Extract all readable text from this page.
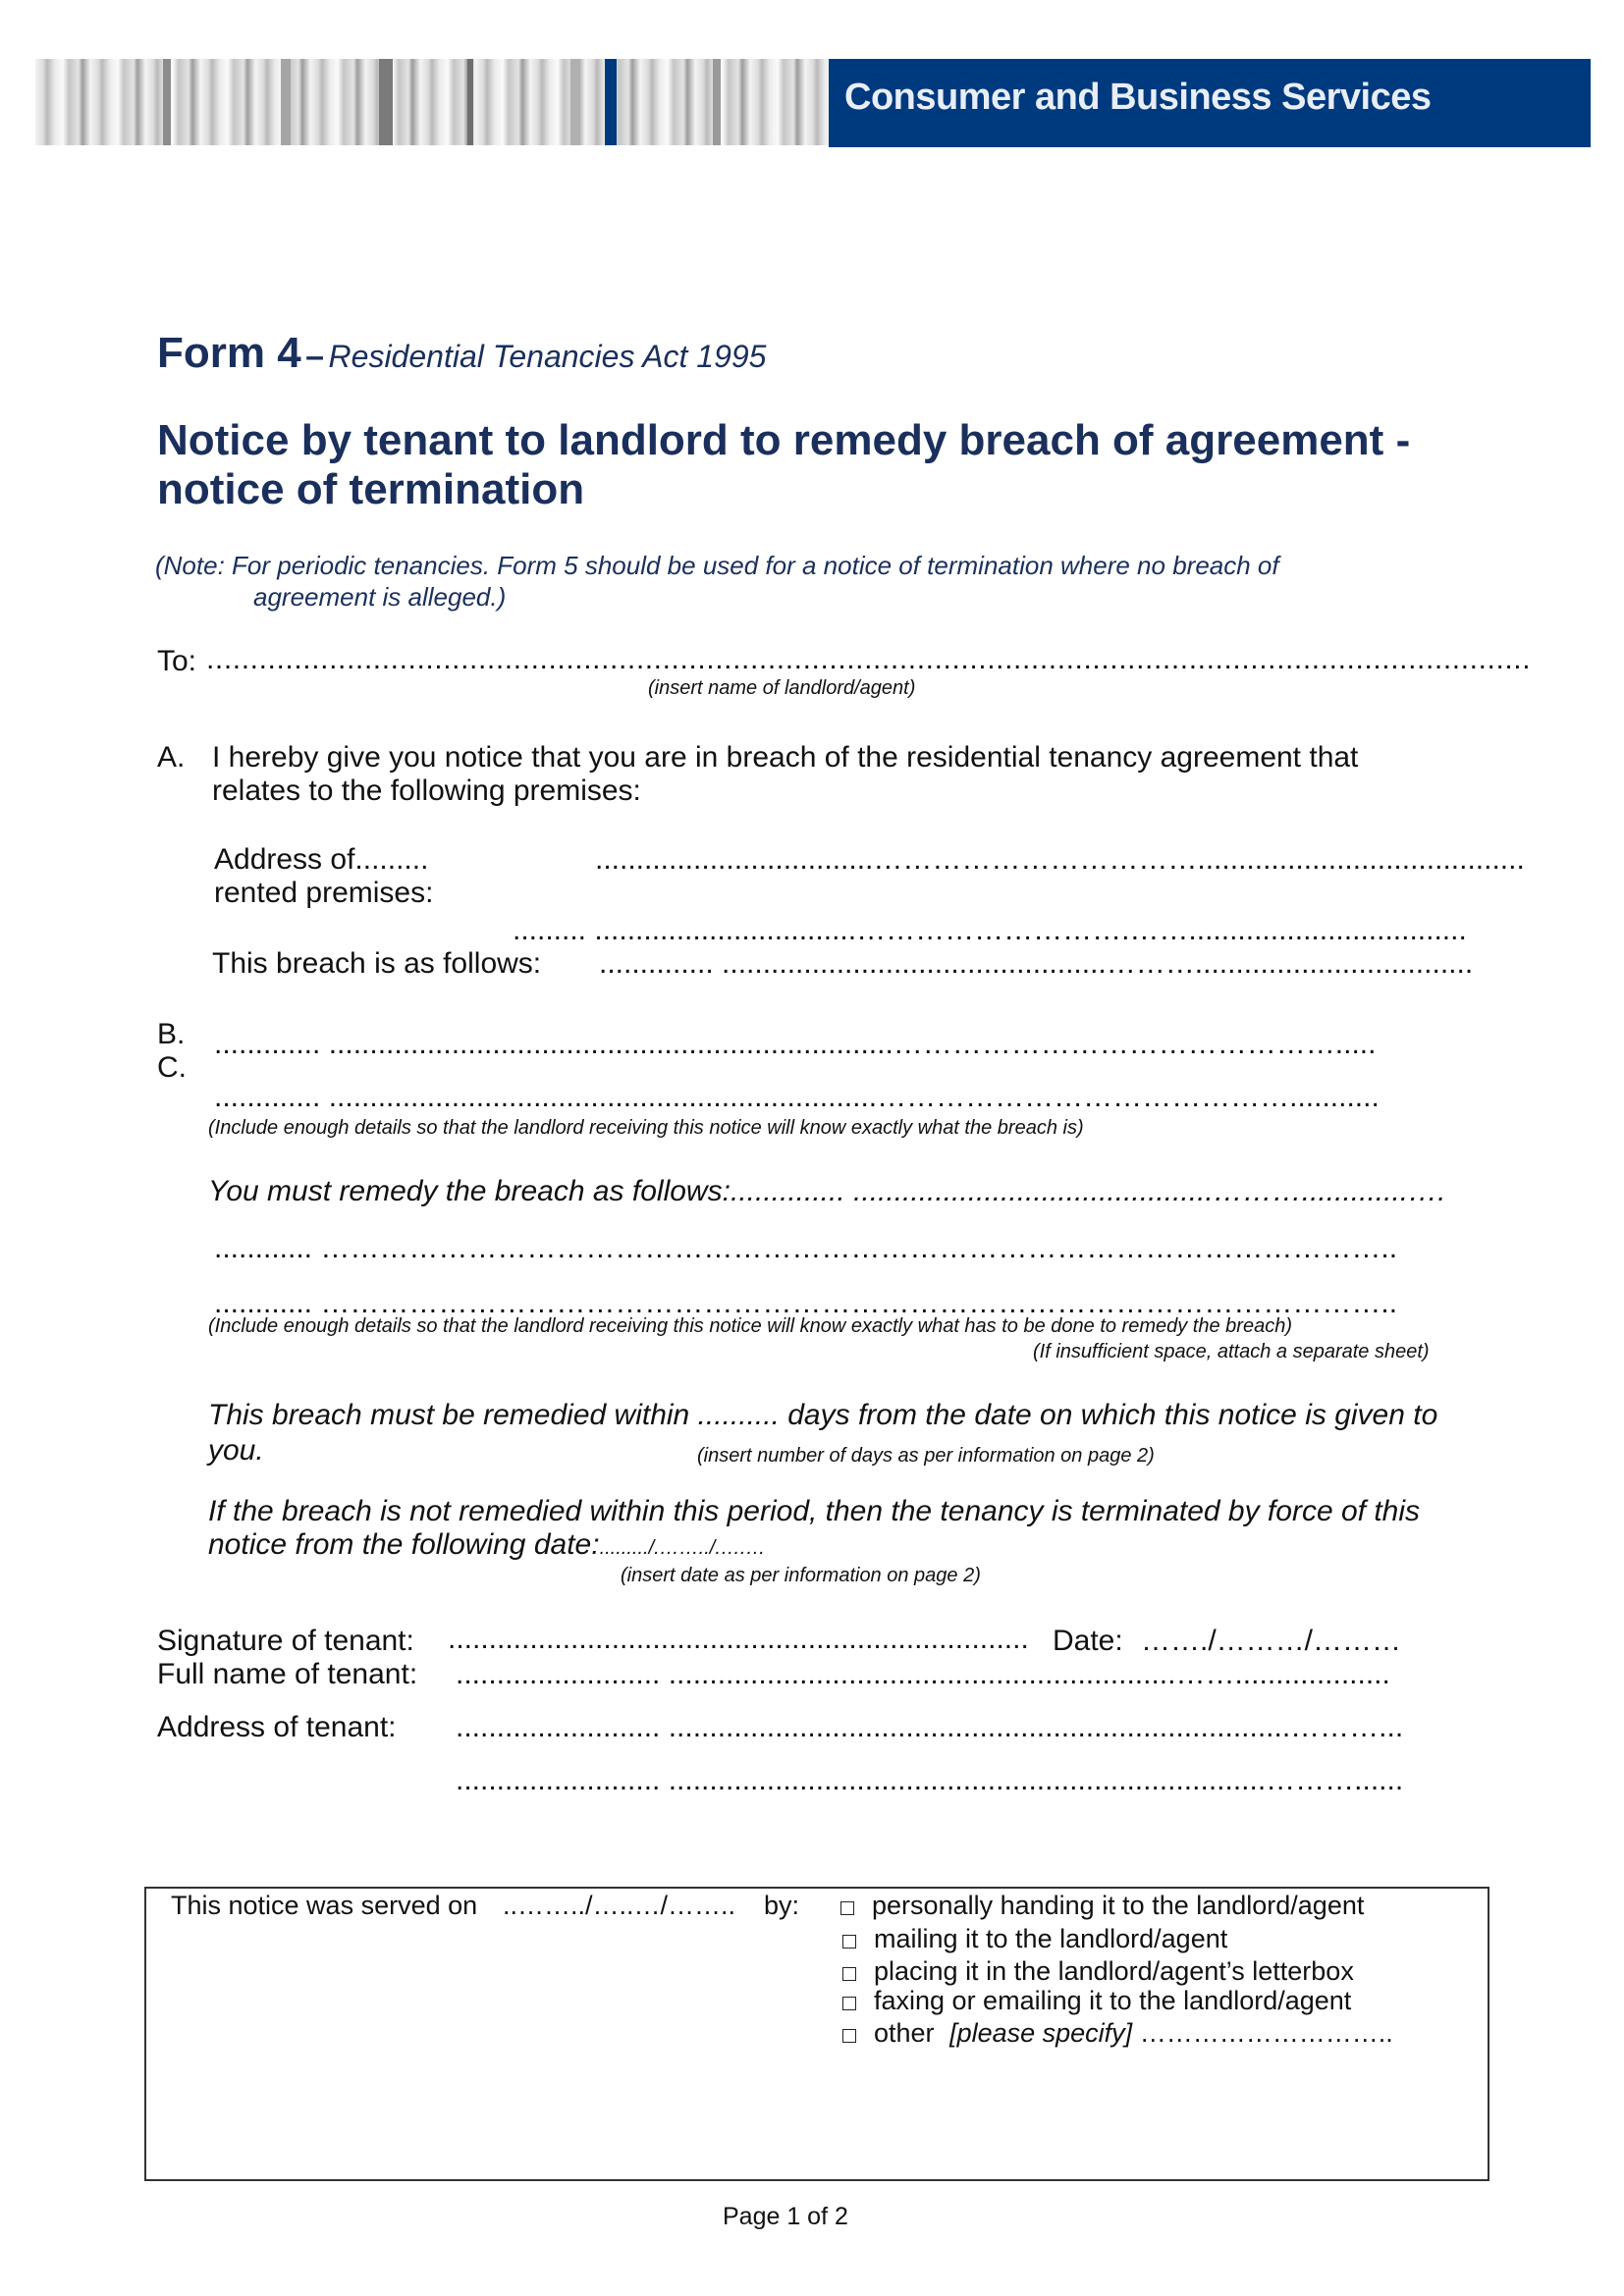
Consumer and Business Services
Form 4 – Residential Tenancies Act 1995
Notice by tenant to landlord to remedy breach of agreement -
notice of termination
(Note: For periodic tenancies. Form 5 should be used for a notice of termination where no breach of
agreement is alleged.)
To: .......................................................................................................................................................
(insert name of landlord/agent)
A. I hereby give you notice that you are in breach of the residential tenancy agreement that
relates to the following premises:
Address of.........
rented premises:
..................................……………………………........................................
......... ................................……………………….……..................................
This breach is as follows: .............. ...............................................………..................................
B.
C.
............. .....................................................................……………………………………….....
............. ...................................................................……………………………………...........
(Include enough details so that the landlord receiving this notice will know exactly what the breach is)
You must remedy the breach as follows: .............. ............................................……….............….
............ ………………………………………………………………………………………………..
............ ………………………………………………………………………………………………..
(Include enough details so that the landlord receiving this notice will know exactly what has to be done to remedy the breach)
(If insufficient space, attach a separate sheet)
This breach must be remedied within .......... days from the date on which this notice is given to
you.	(insert number of days as per information on page 2)
If the breach is not remedied within this period, then the tenancy is terminated by force of this
notice from the following date:........./.……../.….…
(insert date as per information on page 2)
Signature of tenant: ....................................................................... Date: ……./………/………
Full name of tenant: ......................... ..............................................................……...................
Address of tenant: ......................... ............................................................................………...
......................... .........................................................................………......
This notice was served on ..……../…..…/…….. by:	personally handing it to the landlord/agent
mailing it to the landlord/agent
placing it in the landlord/agent’s letterbox
faxing or emailing it to the landlord/agent
other [please specify] ………………………..
Page 1 of 2
